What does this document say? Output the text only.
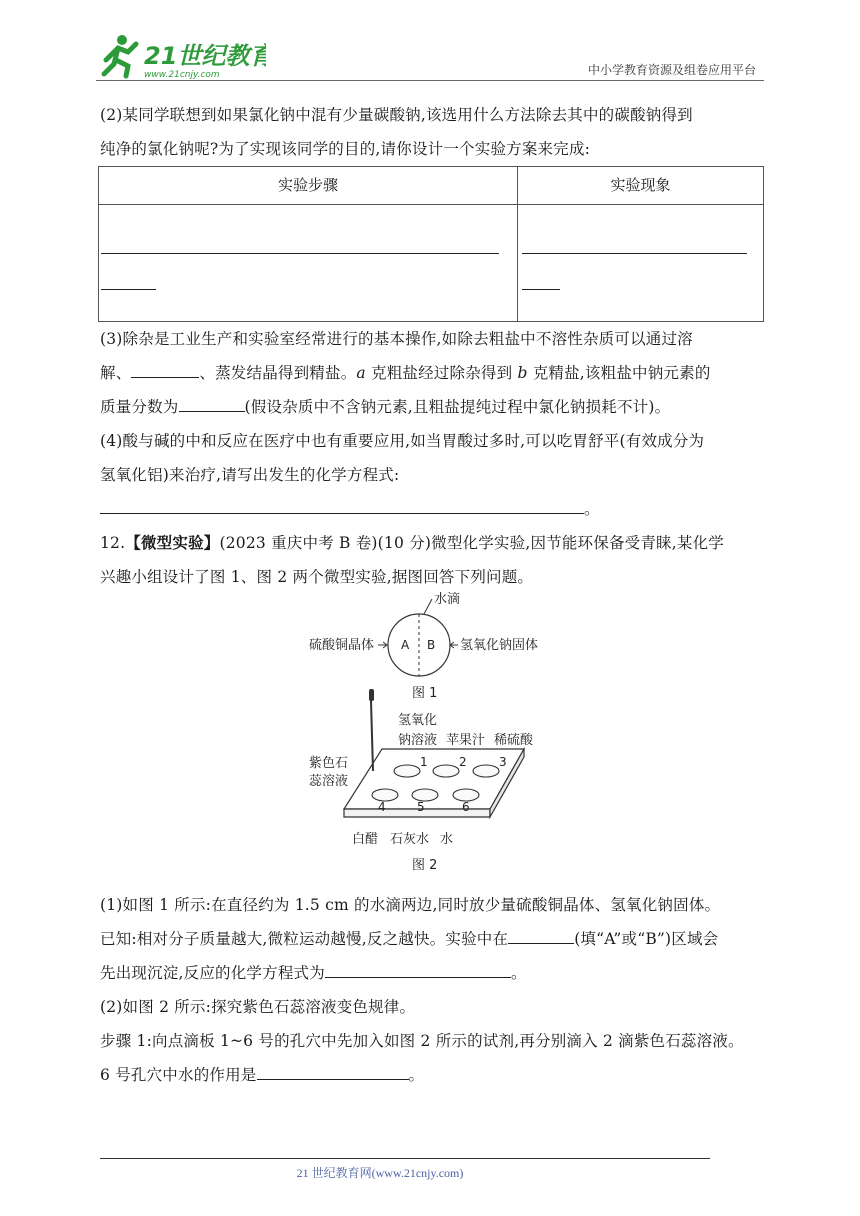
21世纪教育
www.21cnjy.com	中小学教育资源及组卷应用平台
(2)某同学联想到如果氯化钠中混有少量碳酸钠,该选用什么方法除去其中的碳酸钠得到
纯净的氯化钠呢?为了实现该同学的目的,请你设计一个实验方案来完成:
实验步骤	实验现象

(3)除杂是工业生产和实验室经常进行的基本操作,如除去粗盐中不溶性杂质可以通过溶
解、	、蒸发结晶得到精盐。a 克粗盐经过除杂得到 b 克精盐,该粗盐中钠元素的
质量分数为	(假设杂质中不含钠元素,且粗盐提纯过程中氯化钠损耗不计)。
(4)酸与碱的中和反应在医疗中也有重要应用,如当胃酸过多时,可以吃胃舒平(有效成分为
氢氧化铝)来治疗,请写出发生的化学方程式:
。
12.【微型实验】(2023 重庆中考 B 卷)(10 分)微型化学实验,因节能环保备受青睐,某化学
兴趣小组设计了图 1、图 2 两个微型实验,据图回答下列问题。
水滴
硫酸铜晶体	氢氧化钠固体
A B
图 1
氢氧化
钠溶液 苹果汁 稀硫酸
紫色石
蕊溶液
1	2	3
4	5	6
白醋 石灰水 水
图 2
(1)如图 1 所示:在直径约为 1.5 cm 的水滴两边,同时放少量硫酸铜晶体、氢氧化钠固体。
已知:相对分子质量越大,微粒运动越慢,反之越快。实验中在	(填“A”或“B”)区域会
先出现沉淀,反应的化学方程式为	。
(2)如图 2 所示:探究紫色石蕊溶液变色规律。
步骤 1:向点滴板 1~6 号的孔穴中先加入如图 2 所示的试剂,再分别滴入 2 滴紫色石蕊溶液。
6 号孔穴中水的作用是	。
21 世纪教育网(www.21cnjy.com)
